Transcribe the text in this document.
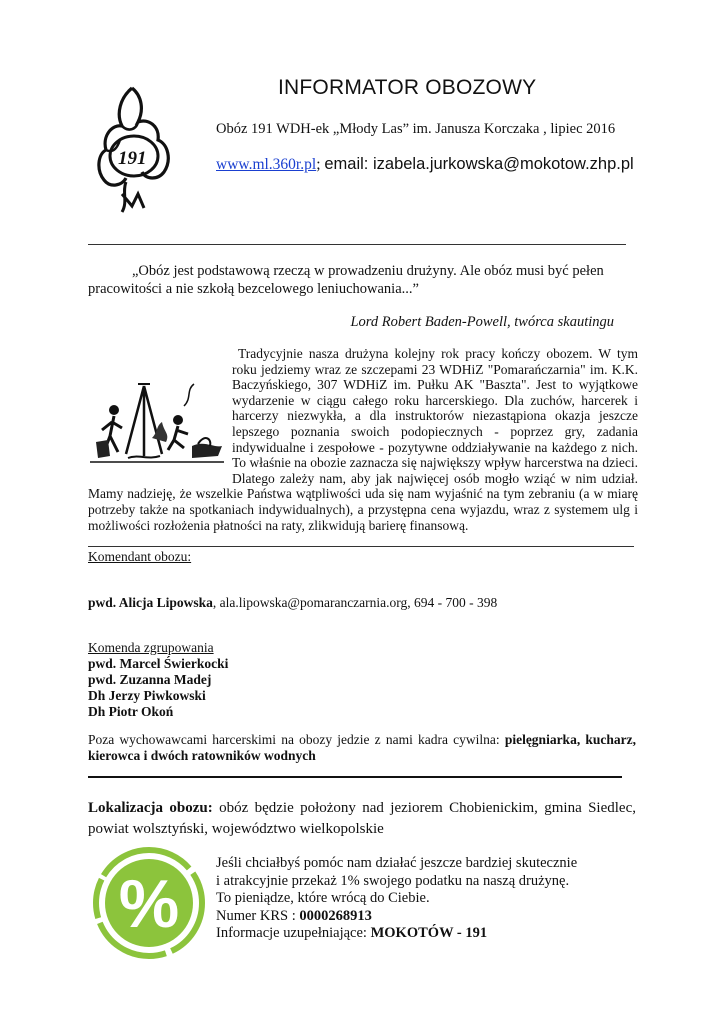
191
INFORMATOR OBOZOWY
Obóz 191 WDH-ek „Młody Las” im. Janusza Korczaka , lipiec 2016
www.ml.360r.pl; email: izabela.jurkowska@mokotow.zhp.pl
„Obóz jest podstawową rzeczą w prowadzeniu drużyny. Ale obóz musi być pełen pracowitości a nie szkołą bezcelowego leniuchowania...”
Lord Robert Baden-Powell, twórca skautingu
Tradycyjnie nasza drużyna kolejny rok pracy kończy obozem. W tym roku jedziemy wraz ze szczepami 23 WDHiZ "Pomarańczarnia" im. K.K. Baczyńskiego, 307 WDHiZ im. Pułku AK "Baszta". Jest to wyjątkowe wydarzenie w ciągu całego roku harcerskiego. Dla zuchów, harcerek i harcerzy niezwykła, a dla instruktorów niezastąpiona okazja jeszcze lepszego poznania swoich podopiecznych - poprzez gry, zadania indywidualne i zespołowe - pozytywne oddziaływanie na każdego z nich. To właśnie na obozie zaznacza się największy wpływ harcerstwa na dzieci. Dlatego zależy nam, aby jak najwięcej osób mogło wziąć w nim udział. Mamy nadzieję, że wszelkie Państwa wątpliwości uda się nam wyjaśnić na tym zebraniu (a w miarę potrzeby także na spotkaniach indywidualnych), a przystępna cena wyjazdu, wraz z systemem ulg i możliwości rozłożenia płatności na raty, zlikwidują barierę finansową.
Komendant obozu:
pwd. Alicja Lipowska, ala.lipowska@pomaranczarnia.org, 694 - 700 - 398
Komenda zgrupowania
pwd. Marcel Świerkocki
pwd. Zuzanna Madej
Dh Jerzy Piwkowski
Dh Piotr Okoń
Poza wychowawcami harcerskimi na obozy jedzie z nami kadra cywilna: pielęgniarka, kucharz, kierowca i dwóch ratowników wodnych
Lokalizacja obozu: obóz będzie położony nad jeziorem Chobienickim, gmina Siedlec, powiat wolsztyński, województwo wielkopolskie
%
Jeśli chciałbyś pomóc nam działać jeszcze bardziej skutecznie
i atrakcyjnie przekaż 1% swojego podatku na naszą drużynę.
To pieniądze, które wrócą do Ciebie.
Numer KRS : 0000268913
Informacje uzupełniające: MOKOTÓW - 191
